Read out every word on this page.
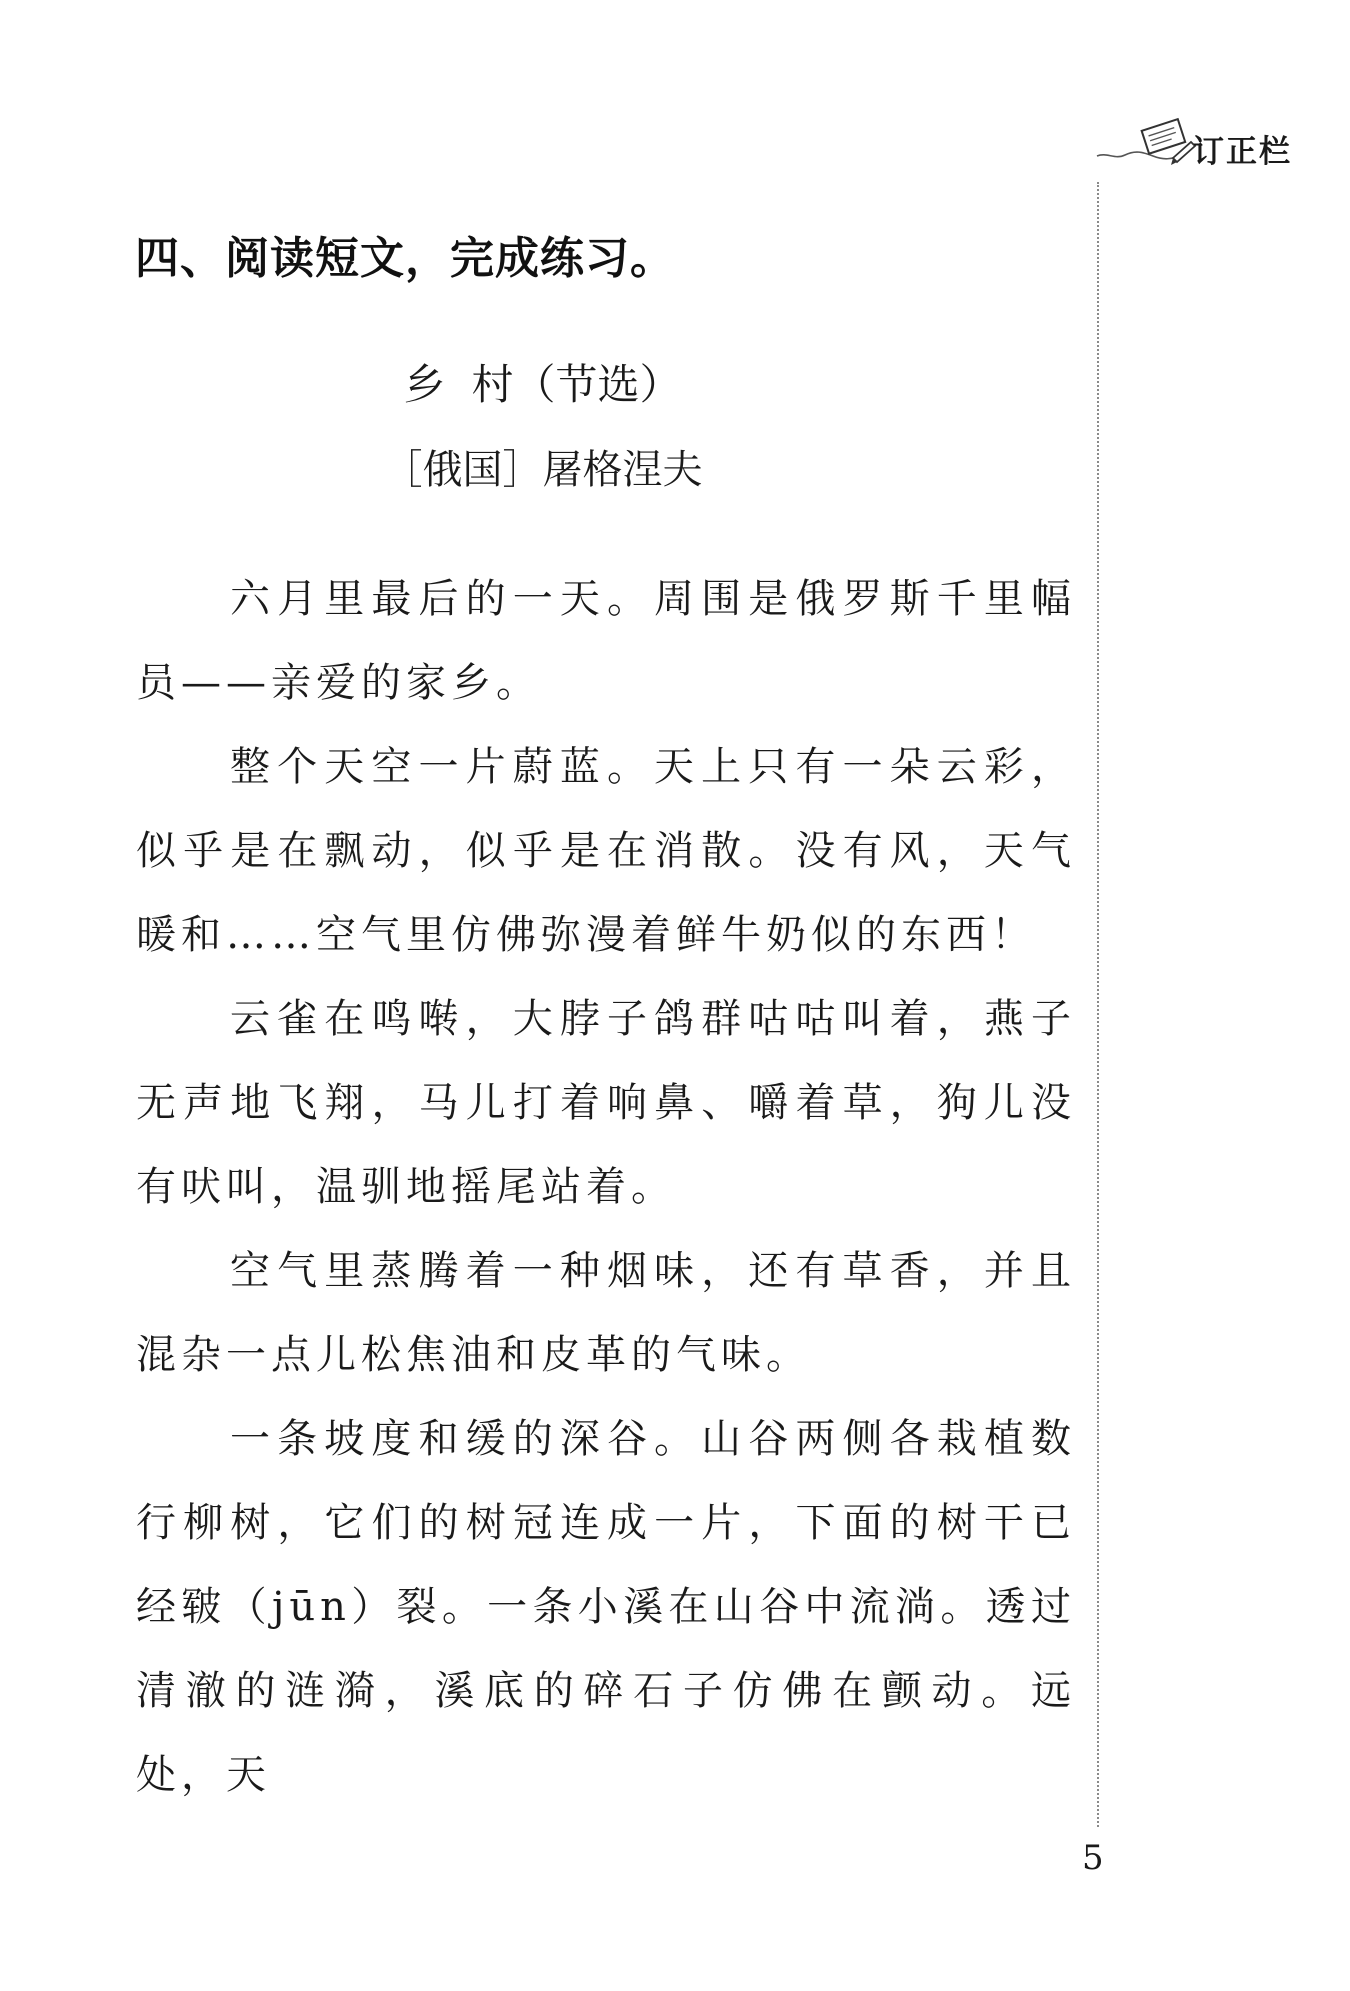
订正栏
四、阅读短文，完成练习。
乡 村（节选）
［俄国］屠格涅夫

六月里最后的一天。周围是俄罗斯千里幅员——亲爱的家乡。

整个天空一片蔚蓝。天上只有一朵云彩，似乎是在飘动，似乎是在消散。没有风，天气暖和……空气里仿佛弥漫着鲜牛奶似的东西！

云雀在鸣啭，大脖子鸽群咕咕叫着，燕子无声地飞翔，马儿打着响鼻、嚼着草，狗儿没有吠叫，温驯地摇尾站着。

空气里蒸腾着一种烟味，还有草香，并且混杂一点儿松焦油和皮革的气味。

一条坡度和缓的深谷。山谷两侧各栽植数行柳树，它们的树冠连成一片，下面的树干已经皲（jūn）裂。一条小溪在山谷中流淌。透过清澈的涟漪，溪底的碎石子仿佛在颤动。远处，天

5
